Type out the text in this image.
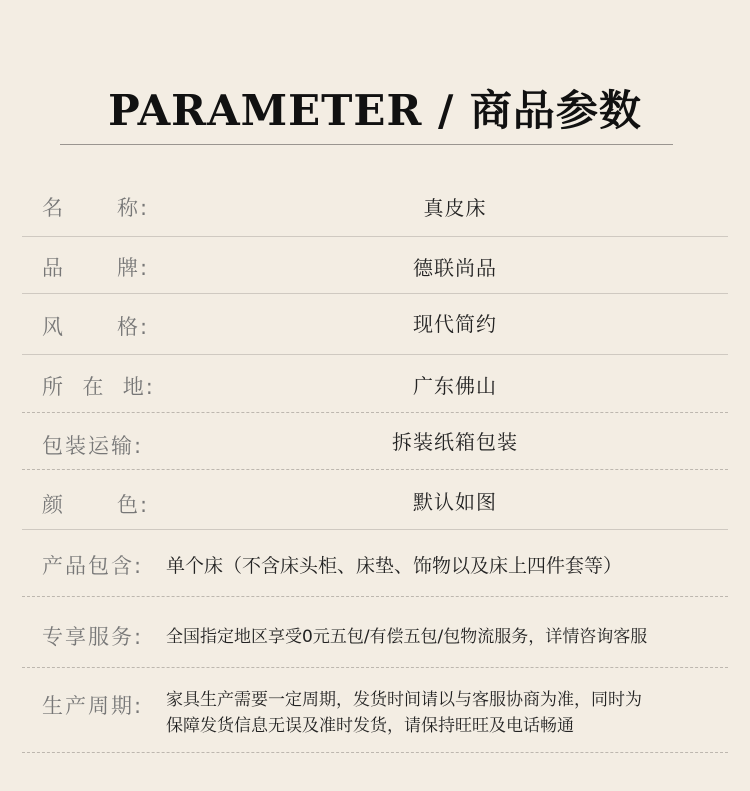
PARAMETER / 商品参数
名      称:	真皮床
品      牌:	德联尚品
风      格:	现代简约
所  在  地:	广东佛山
包装运输:	拆装纸箱包装
颜      色:	默认如图
产品包含: 单个床（不含床头柜、床垫、饰物以及床上四件套等）
专享服务: 全国指定地区享受0元五包/有偿五包/包物流服务，详情咨询客服
生产周期: 家具生产需要一定周期，发货时间请以与客服协商为准，同时为
保障发货信息无误及准时发货，请保持旺旺及电话畅通
